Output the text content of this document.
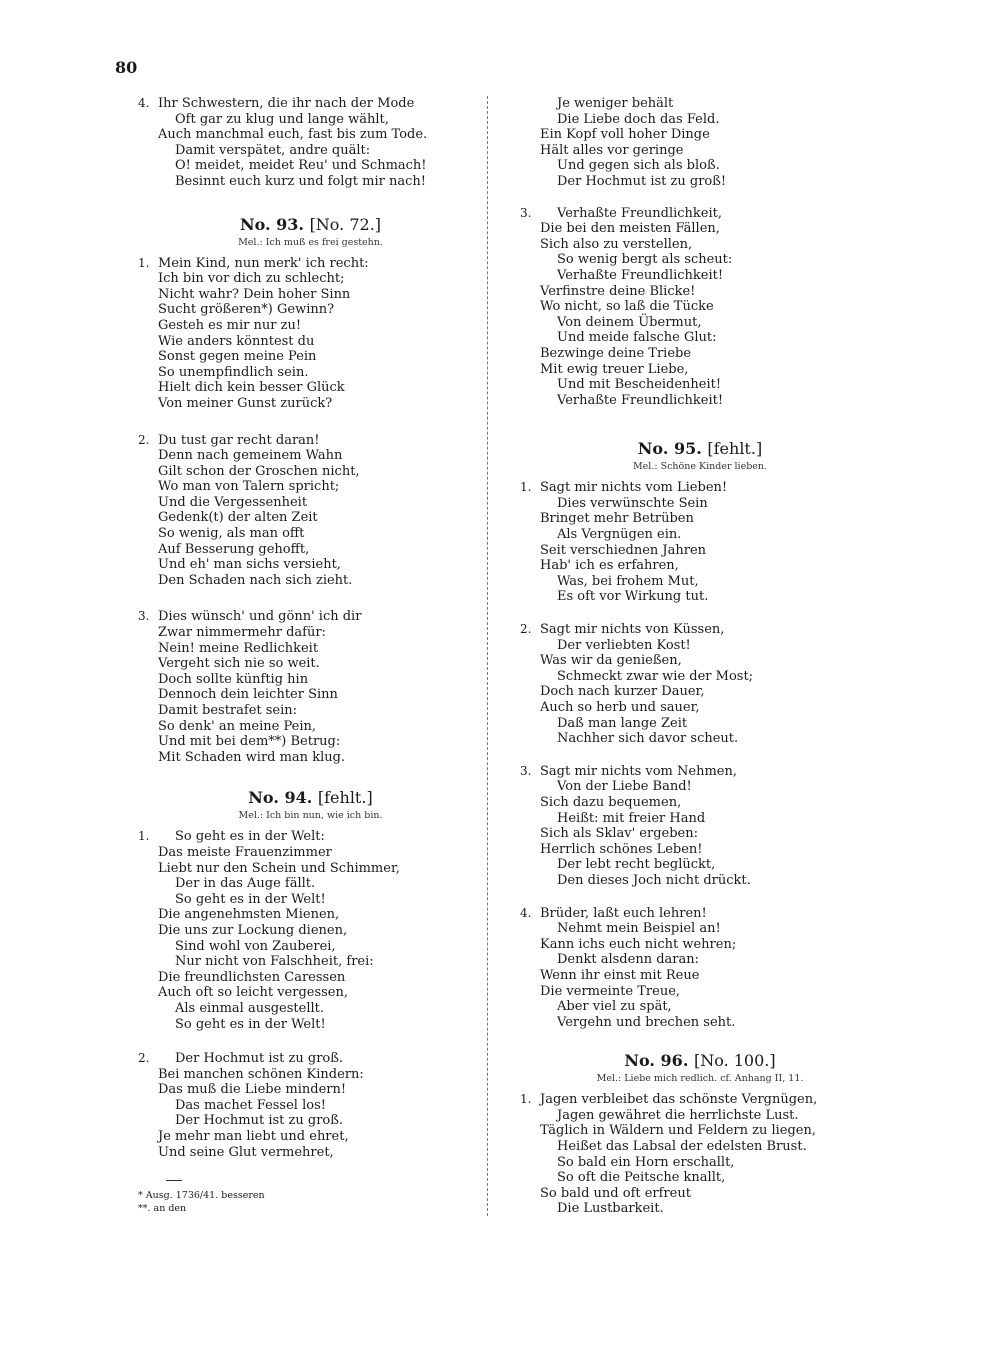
80
4. Ihr Schwestern, die ihr nach der Mode
Oft gar zu klug und lange wählt,
Auch manchmal euch, fast bis zum Tode.
Damit verspätet, andre quält:
O! meidet, meidet Reu' und Schmach!
Besinnt euch kurz und folgt mir nach!
No. 93. [No. 72.]
Mel.: Ich muß es frei gestehn.
1. Mein Kind, nun merk' ich recht:
Ich bin vor dich zu schlecht;
Nicht wahr? Dein hoher Sinn
Sucht größeren*) Gewinn?
Gesteh es mir nur zu!
Wie anders könntest du
Sonst gegen meine Pein
So unempfindlich sein.
Hielt dich kein besser Glück
Von meiner Gunst zurück?
2. Du tust gar recht daran!
Denn nach gemeinem Wahn
Gilt schon der Groschen nicht,
Wo man von Talern spricht;
Und die Vergessenheit
Gedenk(t) der alten Zeit
So wenig, als man offt
Auf Besserung gehofft,
Und eh' man sichs versieht,
Den Schaden nach sich zieht.
3. Dies wünsch' und gönn' ich dir
Zwar nimmermehr dafür:
Nein! meine Redlichkeit
Vergeht sich nie so weit.
Doch sollte künftig hin
Dennoch dein leichter Sinn
Damit bestrafet sein:
So denk' an meine Pein,
Und mit bei dem**) Betrug:
Mit Schaden wird man klug.
No. 94. [fehlt.]
Mel.: Ich bin nun, wie ich bin.
1.	So geht es in der Welt:
Das meiste Frauenzimmer
Liebt nur den Schein und Schimmer,
Der in das Auge fällt.
So geht es in der Welt!
Die angenehmsten Mienen,
Die uns zur Lockung dienen,
Sind wohl von Zauberei,
Nur nicht von Falschheit, frei:
Die freundlichsten Caressen
Auch oft so leicht vergessen,
Als einmal ausgestellt.
So geht es in der Welt!
2.	Der Hochmut ist zu groß.
Bei manchen schönen Kindern:
Das muß die Liebe mindern!
Das machet Fessel los!
Der Hochmut ist zu groß.
Je mehr man liebt und ehret,
Und seine Glut vermehret,
Je weniger behält
Die Liebe doch das Feld.
Ein Kopf voll hoher Dinge
Hält alles vor geringe
Und gegen sich als bloß.
Der Hochmut ist zu groß!
3.	Verhaßte Freundlichkeit,
Die bei den meisten Fällen,
Sich also zu verstellen,
So wenig bergt als scheut:
Verhaßte Freundlichkeit!
Verfinstre deine Blicke!
Wo nicht, so laß die Tücke
Von deinem Übermut,
Und meide falsche Glut:
Bezwinge deine Triebe
Mit ewig treuer Liebe,
Und mit Bescheidenheit!
Verhaßte Freundlichkeit!
No. 95. [fehlt.]
Mel.: Schöne Kinder lieben.
1. Sagt mir nichts vom Lieben!
Dies verwünschte Sein
Bringet mehr Betrüben
Als Vergnügen ein.
Seit verschiednen Jahren
Hab' ich es erfahren,
Was, bei frohem Mut,
Es oft vor Wirkung tut.
2. Sagt mir nichts von Küssen,
Der verliebten Kost!
Was wir da genießen,
Schmeckt zwar wie der Most;
Doch nach kurzer Dauer,
Auch so herb und sauer,
Daß man lange Zeit
Nachher sich davor scheut.
3. Sagt mir nichts vom Nehmen,
Von der Liebe Band!
Sich dazu bequemen,
Heißt: mit freier Hand
Sich als Sklav' ergeben:
Herrlich schönes Leben!
Der lebt recht beglückt,
Den dieses Joch nicht drückt.
4. Brüder, laßt euch lehren!
Nehmt mein Beispiel an!
Kann ichs euch nicht wehren;
Denkt alsdenn daran:
Wenn ihr einst mit Reue
Die vermeinte Treue,
Aber viel zu spät,
Vergehn und brechen seht.
No. 96. [No. 100.]
Mel.: Liebe mich redlich. cf. Anhang II, 11.
1. Jagen verbleibet das schönste Vergnügen,
Jagen gewähret die herrlichste Lust.
Täglich in Wäldern und Feldern zu liegen,
Heißet das Labsal der edelsten Brust.
So bald ein Horn erschallt,
So oft die Peitsche knallt,
So bald und oft erfreut
Die Lustbarkeit.
* Ausg. 1736/41. besseren
**. an den
